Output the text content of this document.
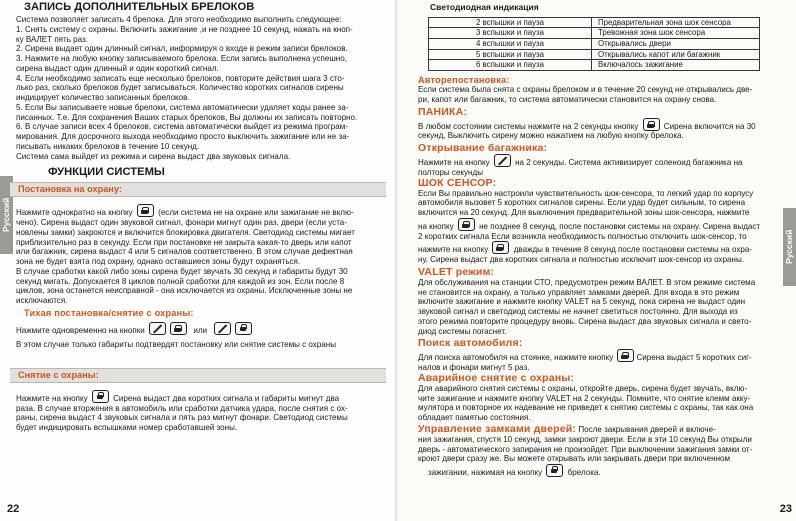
Русский
ЗАПИСЬ ДОПОЛНИТЕЛЬНЫХ БРЕЛОКОВ

Система позволяет записать 4 брелока. Для этого необходимо выполнить следующее:

1. Снять систему с охраны. Включить зажигание ,и не позднее 10 секунд, нажать на кноп-

ку ВАЛЕТ пять раз.

2. Сирена выдает один длинный сигнал, информируя о входе в режим записи брелоков.

3. Нажмите на любую кнопку записываемого брелока. Если запись выполнена успешно,

сирена выдаст один длинный и один короткий сигнал.

4. Если необходимо записать еще несколько брелоков, повторите действия шага 3 сто-

лько раз, сколько брелоков будет записываться. Количество коротких сигналов сирены

индицирует количество записанных брелоков.

5. Если Вы записываете новые брелоки, система автоматически удаляет коды ранее за-

писанных. Т.е. Для сохранения Ваших старых брелоков, Вы должны их записать повторно.

6. В случае записи всех 4 брелоков, система автоматически выйдет из режима програм-

мирования. Для досрочного выхода необходимо просто выключить зажигание или не за-

писывать никаких брелоков в течение 10 секунд.

Система сама выйдет из режима и сирена выдаст два звуковых сигнала.

ФУНКЦИИ СИСТЕМЫ
Постановка на охрану:

Нажмите однократно на кнопку	(если система не на охране или зажигание не вклю-

чено). Сирена выдаст один звуковой сигнал, фонари мигнут один раз, двери (если уста-

новлены замки) закроются и включится блокировка двигателя. Светодиод системы мигает

приблизительно раз в секунду. Если при постановке не закрыта какая-то дверь или капот

или багажник, сирена выдаст 4 или 5 сигналов соответственно. В этом случае дефектная

зона не будет взята под охрану, однако оставшиеся зоны будут охраняться.

В случае сработки какой либо зоны сирена будет звучать 30 секунд и габариты будут 30

секунд мигать. Допускается 8 циклов полной сработки для каждой из зон. Если после 8

циклов, зона останется неисправной - она исключается из охраны. Исключенные зоны не

исключаются.

Тихая постановка/снятие с охраны:

Нажмите одновременно на кнопки	или

В этом случае только габариты подтвердят постановку или снятие системы с охраны

Снятие с охраны:

Нажмите на кнопку	Сирена выдаст два коротких сигнала и габариты мигнут два

раза. В случае вторжения в автомобиль или сработки датчика удара, после снятия с ох-

раны, сирена выдаст 4 звуковых сигнала и пять раз мигнут фонари. Светодиод системы

будет индицировать вспышками номер сработавшей зоны.

22
Русский
Светодиодная индикация
2 вспышки и пауза	Предварительная зона шок сенсора
3 вспышки и пауза	Тревожная зона шок сенсора
4 вспышки и пауза	Открывались двери
5 вспышки и пауза	Открывались капот или багажник
6 вспышки и пауза	Включалось зажигание
Авторепостановка:

Если система была снята с охраны брелоком и в течение 20 секунд не открывались две-

ри, капот или багажник, то система автоматически становится на охрану снова.

ПАНИКА:

В любом состоянии системы нажмите на 2 секунды кнопку	Сирена включится на 30

секунд, Выключить сирену можно нажатием на любую кнопку брелока.

Открывание багажника:

Нажмите на кнопку	на 2 секунды. Система активизирует соленоид багажника на

полторы секунды

ШОК СЕНСОР:

Если Вы правильно настроили чувствительность шок-сенсора, то легкий удар по корпусу

автомобиля вызовет 5 коротких сигналов сирены. Если удар будет сильным, то сирена

включится на 20 секунд. Для выключения предварительной зоны шок-сенсора, нажмите

на кнопку	не позднее 8 секунд, после постановки системы на охрану. Сирена выдаст

2 коротких сигнала Если возникла необходимость полностью отключить шок-сенсор, то

нажмите на кнопку	дважды в течение 8 секунд после постановки системы на охра-

ну. Сирена выдаст два коротких сигнала и полностью исключит шок-сенсор из охраны.

VALET режим:

Для обслуживания на станции СТО, предусмотрен режим ВАЛЕТ. В этом режиме система

не становится на охрану, а только управляет замками дверей. Для входа в это режим

включите зажигание и нажмите кнопку VALET на 5 секунд, пока сирена не выдаст один

звуковой сигнал и светодиод системы не начнет светиться постоянно. Для выхода из

этого режима повторите процедуру вновь. Сирена выдаст два звуковых сигнала и свето-

диод системы погаснет.

Поиск автомобиля:

Для поиска автомобиля на стоянке, нажмите кнопку	Сирена выдаст 5 коротких сиг-

налов и фонари мигнут 5 раз.

Аварийное снятие с охраны:

Для аварийного снятия системы с охраны, откройте дверь, сирена будет звучать, вклю-

чите зажигание и нажмите кнопку VALET на 2 секунды. Помните, что снятие клемм акку-

мулятора и повторное их надевание не приведет к снятию системы с охраны, так как она

обладает памятью состояния.

Управление замками дверей: После закрывания дверей и включе-

ния зажигания, спустя 10 секунд, замки закроют двери. Если в эти 10 секунд Вы открыли

дверь - автоматического запирания не произойдет. При выключении зажигания замки от-

кроют двери сразу же. Вы можете открывать или закрывать двери при включенном

зажигании, нажимая на кнопку	брелока.

23
